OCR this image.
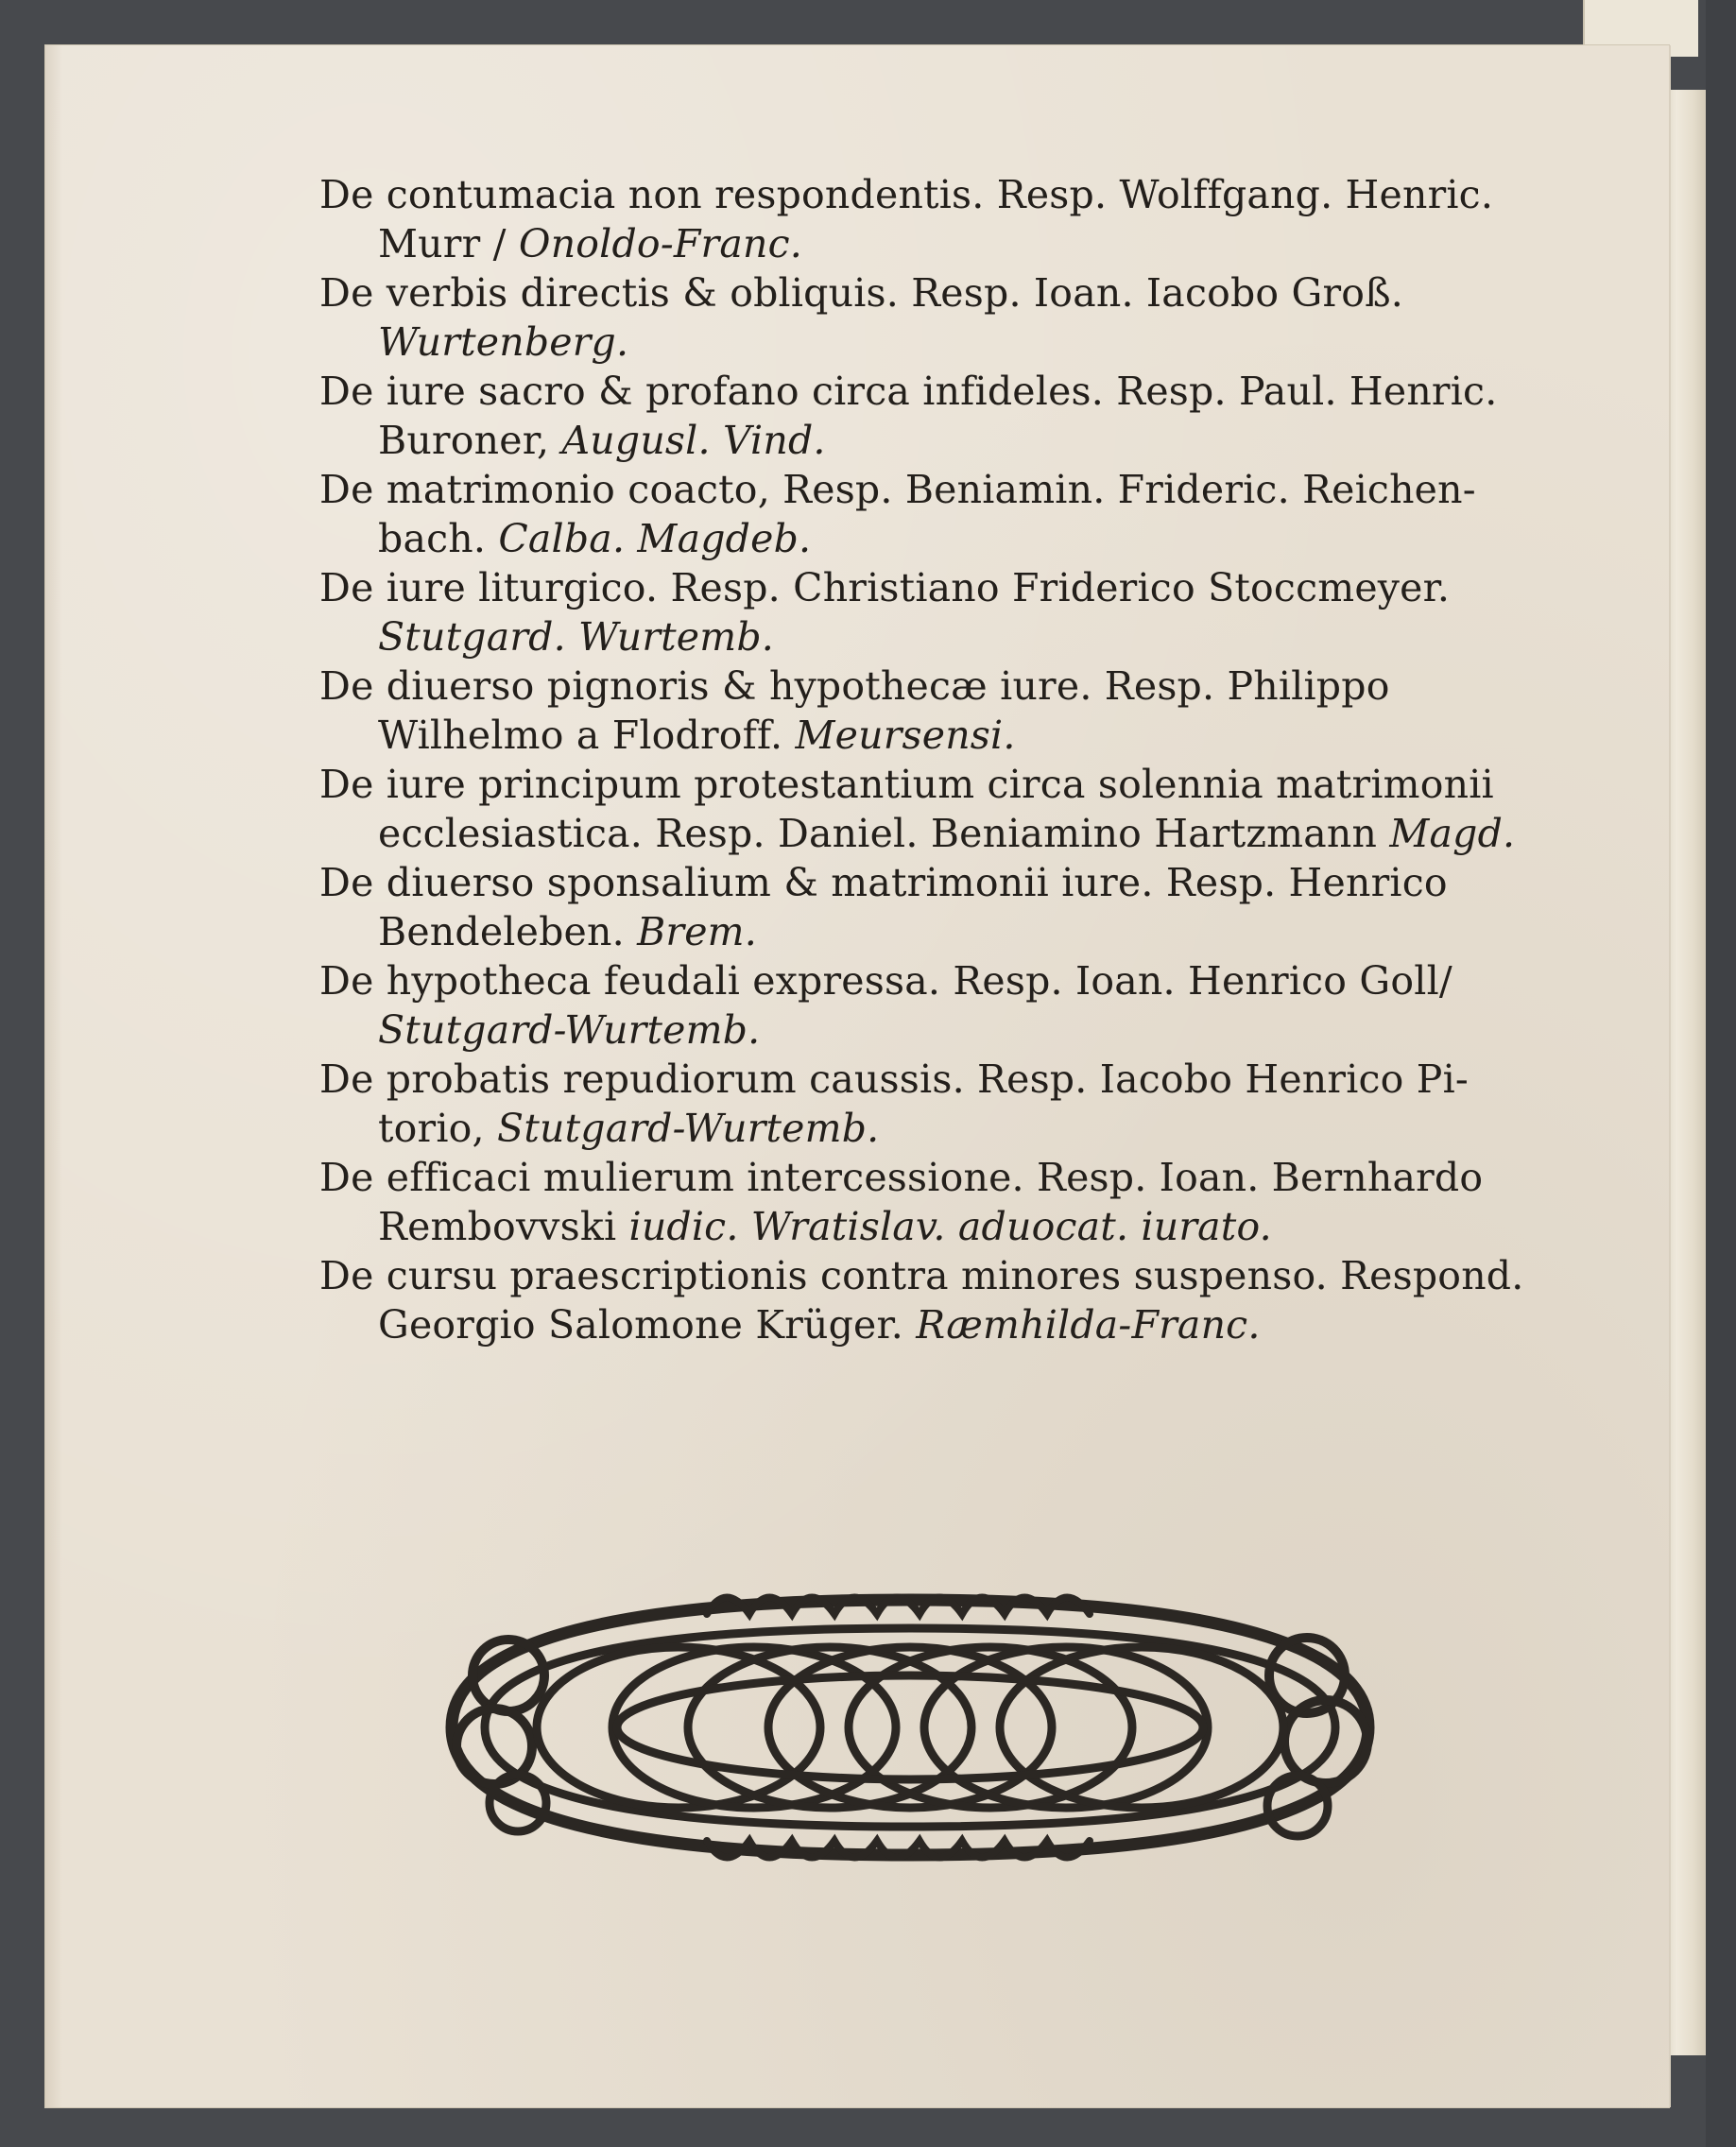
De contumacia non respondentis. Resp. Wolffgang. Henric.
Murr / Onoldo-Franc.
De verbis directis & obliquis. Resp. Ioan. Iacobo Groß.
Wurtenberg.
De iure sacro & profano circa infideles. Resp. Paul. Henric.
Buroner, Augusl. Vind.
De matrimonio coacto, Resp. Beniamin. Frideric. Reichen-
bach. Calba. Magdeb.
De iure liturgico. Resp. Christiano Friderico Stoccmeyer.
Stutgard. Wurtemb.
De diuerso pignoris & hypothecæ iure. Resp. Philippo
Wilhelmo a Flodroff. Meursensi.
De iure principum protestantium circa solennia matrimonii
ecclesiastica. Resp. Daniel. Beniamino Hartzmann Magd.
De diuerso sponsalium & matrimonii iure. Resp. Henrico
Bendeleben. Brem.
De hypotheca feudali expressa. Resp. Ioan. Henrico Goll/
Stutgard-Wurtemb.
De probatis repudiorum caussis. Resp. Iacobo Henrico Pi-
torio, Stutgard-Wurtemb.
De efficaci mulierum intercessione. Resp. Ioan. Bernhardo
Rembovvski iudic. Wratislav. aduocat. iurato.
De cursu praescriptionis contra minores suspenso. Respond.
Georgio Salomone Krüger. Ræmhilda-Franc.
